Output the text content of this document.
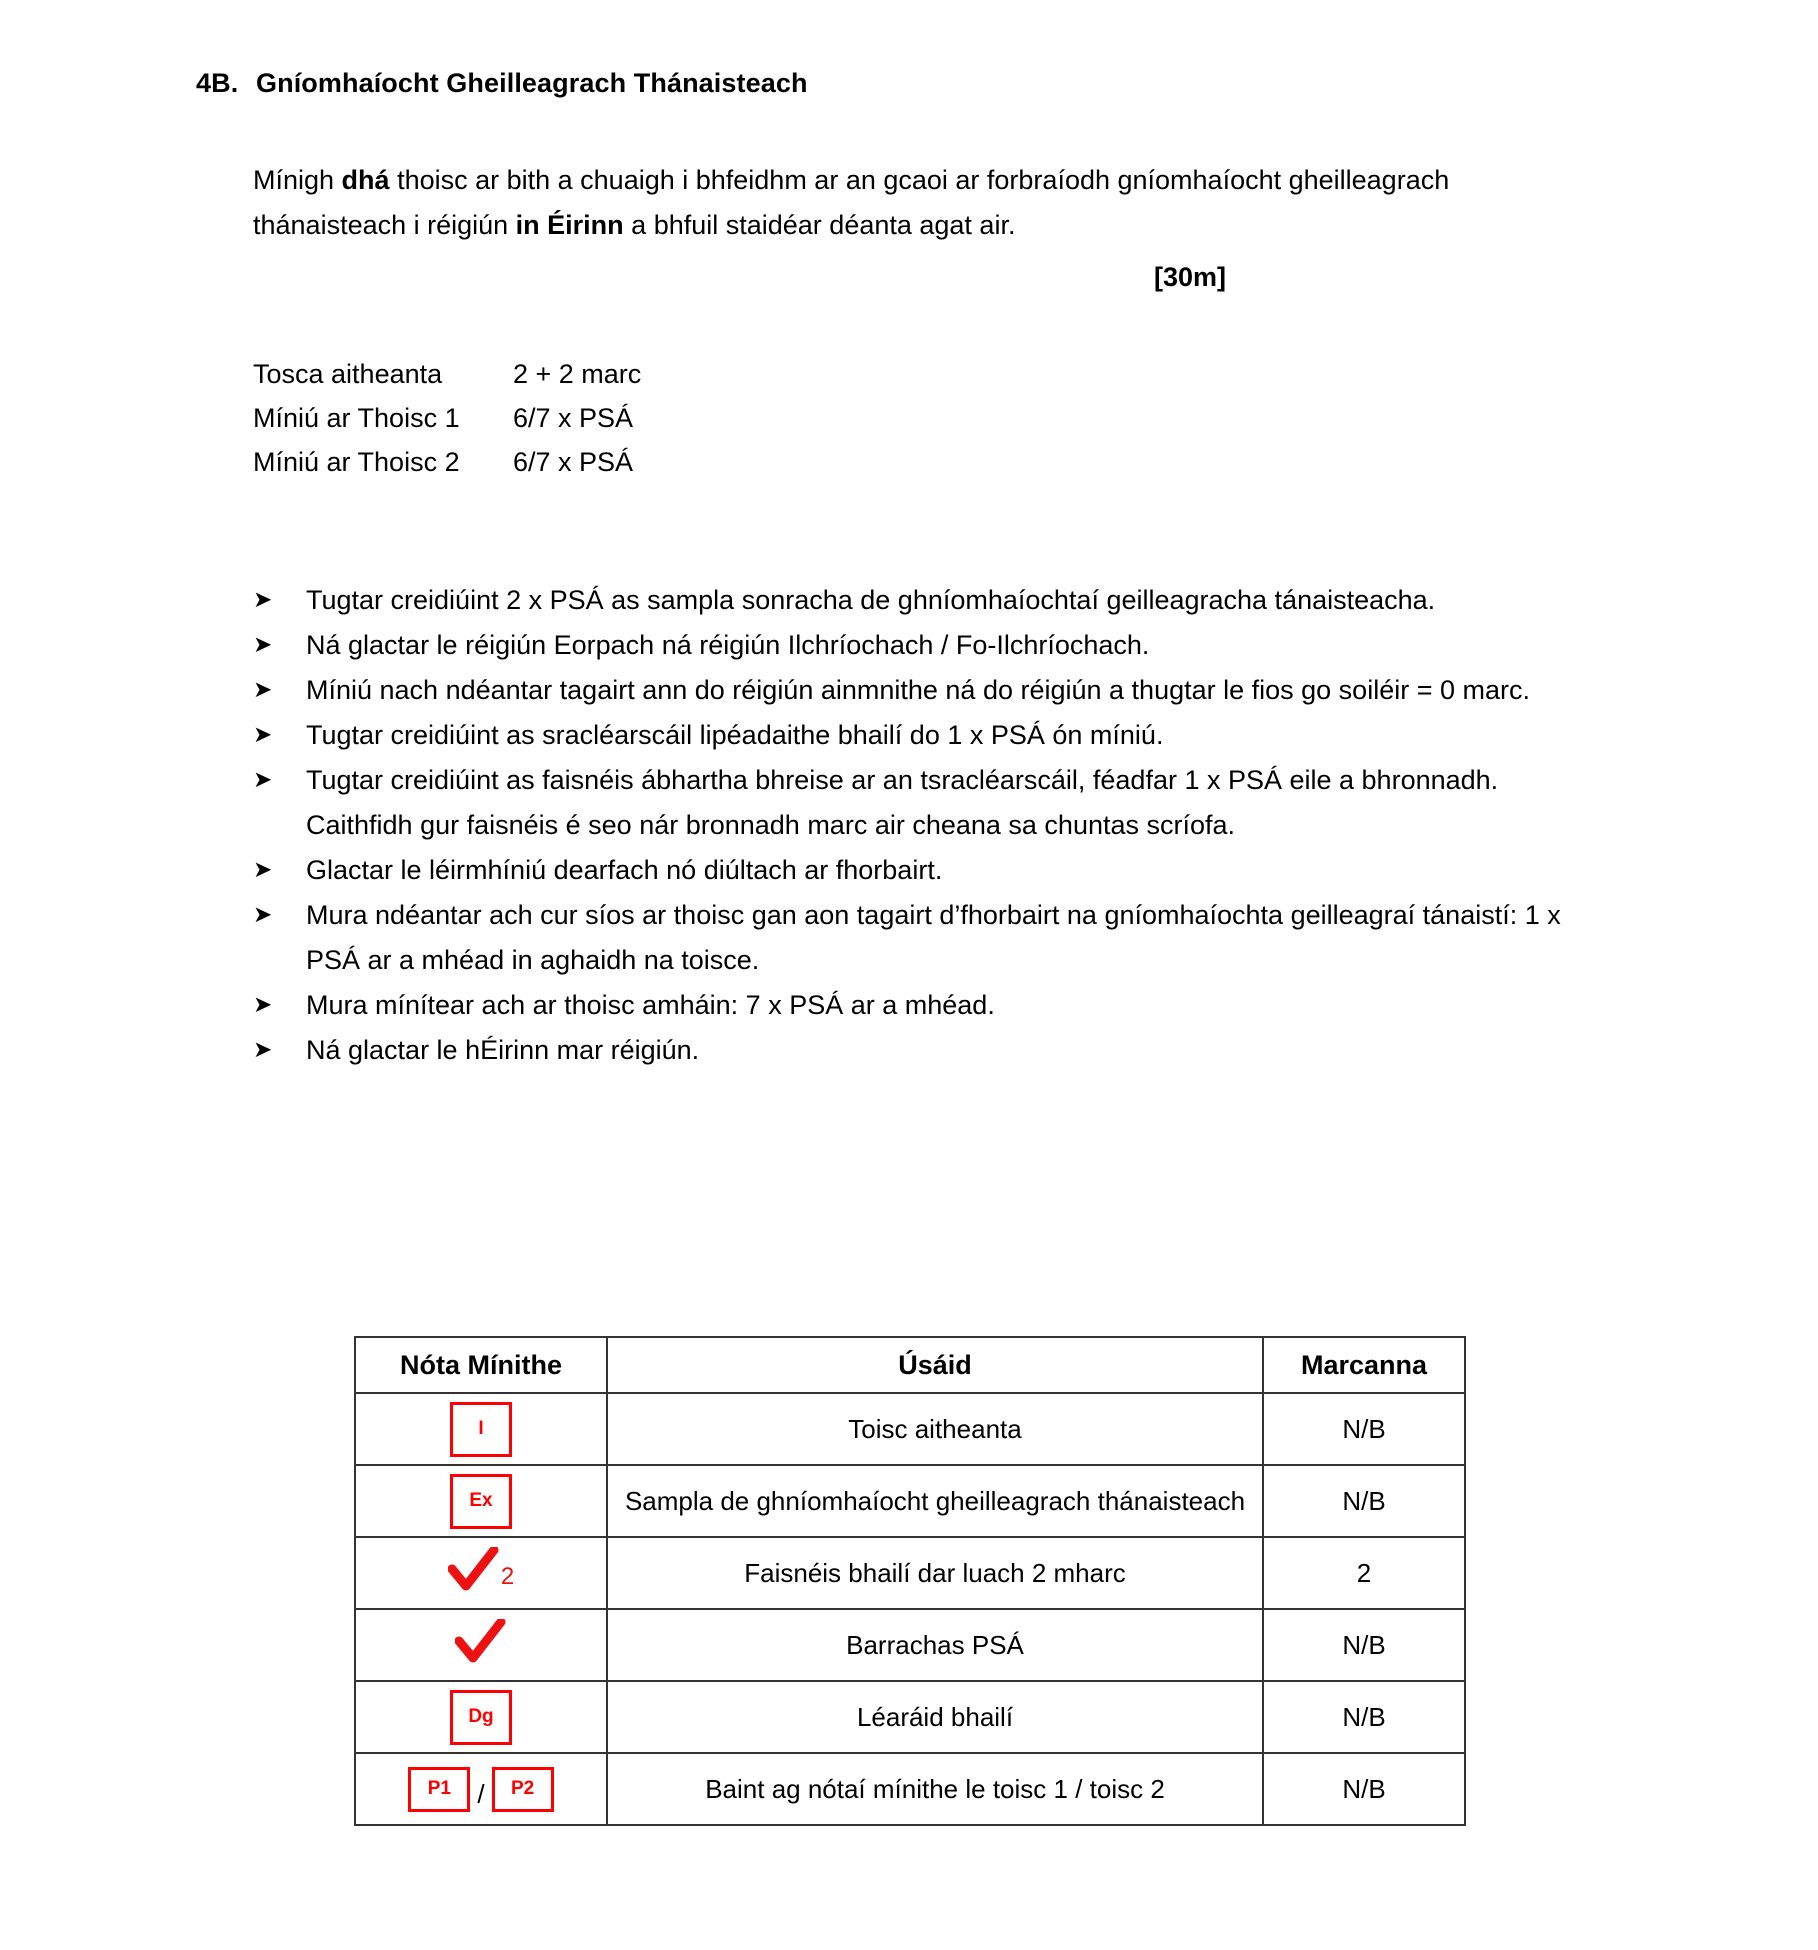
4B. Gníomhaíocht Gheilleagrach Thánaisteach
Mínigh dhá thoisc ar bith a chuaigh i bhfeidhm ar an gcaoi ar forbraíodh gníomhaíocht gheilleagrach thánaisteach i réigiún in Éirinn a bhfuil staidéar déanta agat air.
[30m]
Tosca aitheanta	2 + 2 marc
Míniú ar Thoisc 1	6/7 x PSÁ
Míniú ar Thoisc 2	6/7 x PSÁ
➤	Tugtar creidiúint 2 x PSÁ as sampla sonracha de ghníomhaíochtaí geilleagracha tánaisteacha.
➤	Ná glactar le réigiún Eorpach ná réigiún Ilchríochach / Fo-Ilchríochach.
➤	Míniú nach ndéantar tagairt ann do réigiún ainmnithe ná do réigiún a thugtar le fios go soiléir = 0 marc.
➤	Tugtar creidiúint as sracléarscáil lipéadaithe bhailí do 1 x PSÁ ón míniú.
➤	Tugtar creidiúint as faisnéis ábhartha bhreise ar an tsracléarscáil, féadfar 1 x PSÁ eile a bhronnadh. Caithfidh gur faisnéis é seo nár bronnadh marc air cheana sa chuntas scríofa.
➤	Glactar le léirmhíniú dearfach nó diúltach ar fhorbairt.
➤	Mura ndéantar ach cur síos ar thoisc gan aon tagairt d’fhorbairt na gníomhaíochta geilleagraí tánaistí: 1 x PSÁ ar a mhéad in aghaidh na toisce.
➤	Mura mínítear ach ar thoisc amháin: 7 x PSÁ ar a mhéad.
➤	Ná glactar le hÉirinn mar réigiún.
Nóta Mínithe	Úsáid	Marcanna
I	Toisc aitheanta	N/B
Ex	Sampla de ghníomhaíocht gheilleagrach thánaisteach	N/B

2	Faisnéis bhailí dar luach 2 mharc	2

	Barrachas PSÁ	N/B
Dg	Léaráid bhailí	N/B

P1 / P2	Baint ag nótaí mínithe le toisc 1 / toisc 2	N/B
